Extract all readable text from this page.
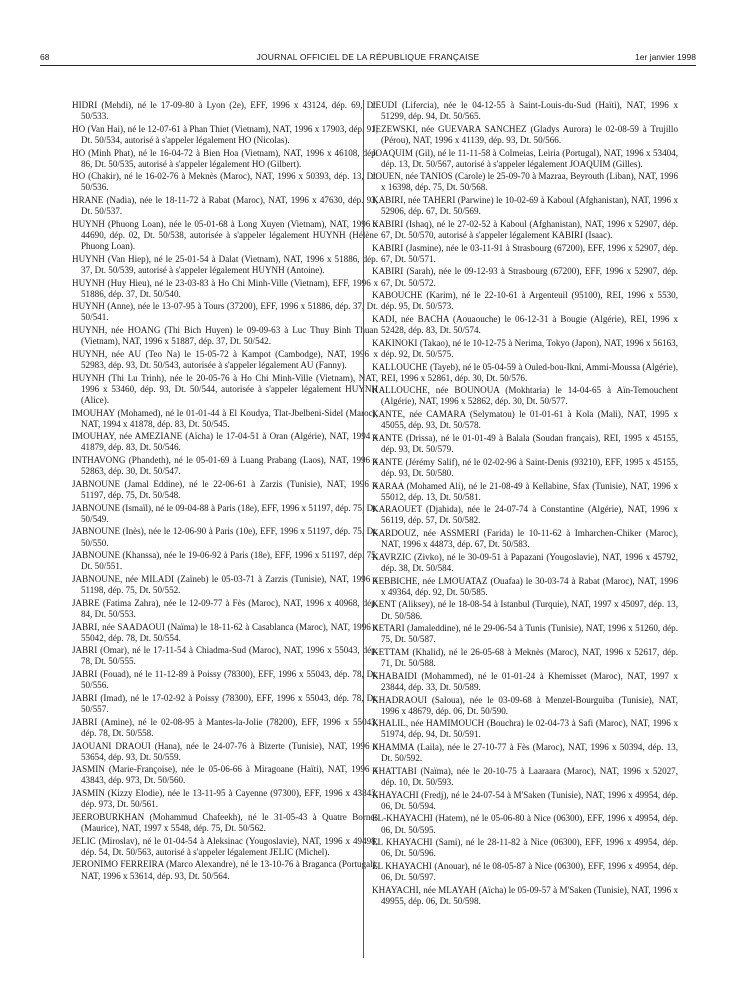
68	JOURNAL OFFICIEL DE LA RÉPUBLIQUE FRANÇAISE	1er janvier 1998

HIDRI (Mehdi), né le 17-09-80 à Lyon (2e), EFF, 1996 x 43124, dép. 69, Dt. 50/533.

HO (Van Hai), né le 12-07-61 à Phan Thiet (Vietnam), NAT, 1996 x 17903, dép. 91, Dt. 50/534, autorisé à s'appeler légalement HO (Nicolas).

HO (Minh Phat), né le 16-04-72 à Bien Hoa (Vietnam), NAT, 1996 x 46108, dép. 86, Dt. 50/535, autorisé à s'appeler légalement HO (Gilbert).

HO (Chakir), né le 16-02-76 à Meknès (Maroc), NAT, 1996 x 50393, dép. 13, Dt. 50/536.

HRANE (Nadia), née le 18-11-72 à Rabat (Maroc), NAT, 1996 x 47630, dép. 93, Dt. 50/537.

HUYNH (Phuong Loan), née le 05-01-68 à Long Xuyen (Vietnam), NAT, 1996 x 44690, dép. 02, Dt. 50/538, autorisée à s'appeler légalement HUYNH (Hélène Phuong Loan).

HUYNH (Van Hiep), né le 25-01-54 à Dalat (Vietnam), NAT, 1996 x 51886, dép. 37, Dt. 50/539, autorisé à s'appeler légalement HUYNH (Antoine).

HUYNH (Huy Hieu), né le 23-03-83 à Ho Chi Minh-Ville (Vietnam), EFF, 1996 x 51886, dép. 37, Dt. 50/540.

HUYNH (Anne), née le 13-07-95 à Tours (37200), EFF, 1996 x 51886, dép. 37, Dt. 50/541.

HUYNH, née HOANG (Thi Bich Huyen) le 09-09-63 à Luc Thuy Binh Thuan (Vietnam), NAT, 1996 x 51887, dép. 37, Dt. 50/542.

HUYNH, née AU (Teo Na) le 15-05-72 à Kampot (Cambodge), NAT, 1996 x 52983, dép. 93, Dt. 50/543, autorisée à s'appeler légalement AU (Fanny).

HUYNH (Thi Lu Trinh), née le 20-05-76 à Ho Chi Minh-Ville (Vietnam), NAT, 1996 x 53460, dép. 93, Dt. 50/544, autorisée à s'appeler légalement HUYNH (Alice).

IMOUHAY (Mohamed), né le 01-01-44 à El Koudya, Tlat-Jbelbeni-Sidel (Maroc), NAT, 1994 x 41878, dép. 83, Dt. 50/545.

IMOUHAY, née AMEZIANE (Aïcha) le 17-04-51 à Oran (Algérie), NAT, 1994 x 41879, dép. 83, Dt. 50/546.

INTHAVONG (Phandeth), né le 05-01-69 à Luang Prabang (Laos), NAT, 1996 x 52863, dép. 30, Dt. 50/547.

JABNOUNE (Jamal Eddine), né le 22-06-61 à Zarzis (Tunisie), NAT, 1996 x 51197, dép. 75, Dt. 50/548.

JABNOUNE (Ismaïl), né le 09-04-88 à Paris (18e), EFF, 1996 x 51197, dép. 75, Dt. 50/549.

JABNOUNE (Inès), née le 12-06-90 à Paris (10e), EFF, 1996 x 51197, dép. 75, Dt. 50/550.

JABNOUNE (Khanssa), née le 19-06-92 à Paris (18e), EFF, 1996 x 51197, dép. 75, Dt. 50/551.

JABNOUNE, née MILADI (Zaïneb) le 05-03-71 à Zarzis (Tunisie), NAT, 1996 x 51198, dép. 75, Dt. 50/552.

JABRE (Fatima Zahra), née le 12-09-77 à Fès (Maroc), NAT, 1996 x 40968, dép. 84, Dt. 50/553.

JABRI, née SAADAOUI (Naïma) le 18-11-62 à Casablanca (Maroc), NAT, 1996 x 55042, dép. 78, Dt. 50/554.

JABRI (Omar), né le 17-11-54 à Chiadma-Sud (Maroc), NAT, 1996 x 55043, dép. 78, Dt. 50/555.

JABRI (Fouad), né le 11-12-89 à Poissy (78300), EFF, 1996 x 55043, dép. 78, Dt. 50/556.

JABRI (Imad), né le 17-02-92 à Poissy (78300), EFF, 1996 x 55043, dép. 78, Dt. 50/557.

JABRI (Amine), né le 02-08-95 à Mantes-la-Jolie (78200), EFF, 1996 x 55043, dép. 78, Dt. 50/558.

JAOUANI DRAOUI (Hana), née le 24-07-76 à Bizerte (Tunisie), NAT, 1996 x 53654, dép. 93, Dt. 50/559.

JASMIN (Marie-Françoise), née le 05-06-66 à Miragoane (Haïti), NAT, 1996 x 43843, dép. 973, Dt. 50/560.

JASMIN (Kizzy Elodie), née le 13-11-95 à Cayenne (97300), EFF, 1996 x 43843, dép. 973, Dt. 50/561.

JEEROBURKHAN (Mohammud Chafeekh), né le 31-05-43 à Quatre Bornes (Maurice), NAT, 1997 x 5548, dép. 75, Dt. 50/562.

JELIC (Miroslav), né le 01-04-54 à Aleksinac (Yougoslavie), NAT, 1996 x 49498, dép. 54, Dt. 50/563, autorisé à s'appeler légalement JELIC (Michel).

JERONIMO FERREIRA (Marco Alexandre), né le 13-10-76 à Braganca (Portugal), NAT, 1996 x 53614, dép. 93, Dt. 50/564.

JEUDI (Lifercia), née le 04-12-55 à Saint-Louis-du-Sud (Haïti), NAT, 1996 x 51299, dép. 94, Dt. 50/565.

JEZEWSKI, née GUEVARA SANCHEZ (Gladys Aurora) le 02-08-59 à Trujillo (Pérou), NAT, 1996 x 41139, dép. 93, Dt. 50/566.

JOAQUIM (Gil), né le 11-11-58 à Colmeias, Leiria (Portugal), NAT, 1996 x 53404, dép. 13, Dt. 50/567, autorisé à s'appeler légalement JOAQUIM (Gilles).

JOUEN, née TANIOS (Carole) le 25-09-70 à Mazraa, Beyrouth (Liban), NAT, 1996 x 16398, dép. 75, Dt. 50/568.

KABIRI, née TAHERI (Parwine) le 10-02-69 à Kaboul (Afghanistan), NAT, 1996 x 52906, dép. 67, Dt. 50/569.

KABIRI (Ishaq), né le 27-02-52 à Kaboul (Afghanistan), NAT, 1996 x 52907, dép. 67, Dt. 50/570, autorisé à s'appeler légalement KABIRI (Isaac).

KABIRI (Jasmine), née le 03-11-91 à Strasbourg (67200), EFF, 1996 x 52907, dép. 67, Dt. 50/571.

KABIRI (Sarah), née le 09-12-93 à Strasbourg (67200), EFF, 1996 x 52907, dép. 67, Dt. 50/572.

KABOUCHE (Karim), né le 22-10-61 à Argenteuil (95100), REI, 1996 x 5530, dép. 95, Dt. 50/573.

KADI, née BACHA (Aouaouche) le 06-12-31 à Bougie (Algérie), REI, 1996 x 52428, dép. 83, Dt. 50/574.

KAKINOKI (Takao), né le 10-12-75 à Nerima, Tokyo (Japon), NAT, 1996 x 56163, dép. 92, Dt. 50/575.

KALLOUCHE (Tayeb), né le 05-04-59 à Ouled-bou-Ikni, Ammi-Moussa (Algérie), REI, 1996 x 52861, dép. 30, Dt. 50/576.

KALLOUCHE, née BOUNOUA (Mokhtaria) le 14-04-65 à Aïn-Temouchent (Algérie), NAT, 1996 x 52862, dép. 30, Dt. 50/577.

KANTE, née CAMARA (Selymatou) le 01-01-61 à Kola (Mali), NAT, 1995 x 45055, dép. 93, Dt. 50/578.

KANTE (Drissa), né le 01-01-49 à Balala (Soudan français), REI, 1995 x 45155, dép. 93, Dt. 50/579.

KANTE (Jérémy Salif), né le 02-02-96 à Saint-Denis (93210), EFF, 1995 x 45155, dép. 93, Dt. 50/580.

KARAA (Mohamed Ali), né le 21-08-49 à Kellabine, Sfax (Tunisie), NAT, 1996 x 55012, dép. 13, Dt. 50/581.

KARAOUET (Djahida), née le 24-07-74 à Constantine (Algérie), NAT, 1996 x 56119, dép. 57, Dt. 50/582.

KARDOUZ, née ASSMERI (Farida) le 10-11-62 à Imharchen-Chiker (Maroc), NAT, 1996 x 44873, dép. 67, Dt. 50/583.

KAVRZIC (Zivko), né le 30-09-51 à Papazani (Yougoslavie), NAT, 1996 x 45792, dép. 38, Dt. 50/584.

KEBBICHE, née LMOUATAZ (Ouafaa) le 30-03-74 à Rabat (Maroc), NAT, 1996 x 49364, dép. 92, Dt. 50/585.

KENT (Aliksey), né le 18-08-54 à Istanbul (Turquie), NAT, 1997 x 45097, dép. 13, Dt. 50/586.

KETARI (Jamaleddine), né le 29-06-54 à Tunis (Tunisie), NAT, 1996 x 51260, dép. 75, Dt. 50/587.

KETTAM (Khalid), né le 26-05-68 à Meknès (Maroc), NAT, 1996 x 52617, dép. 71, Dt. 50/588.

KHABAIDI (Mohammed), né le 01-01-24 à Khemisset (Maroc), NAT, 1997 x 23844, dép. 33, Dt. 50/589.

KHADRAOUI (Saloua), née le 03-09-68 à Menzel-Bourguiba (Tunisie), NAT, 1996 x 48679, dép. 06, Dt. 50/590.

KHALIL, née HAMIMOUCH (Bouchra) le 02-04-73 à Safi (Maroc), NAT, 1996 x 51974, dép. 94, Dt. 50/591.

KHAMMA (Laila), née le 27-10-77 à Fès (Maroc), NAT, 1996 x 50394, dép. 13, Dt. 50/592.

KHATTABI (Naïma), née le 20-10-75 à Laaraara (Maroc), NAT, 1996 x 52027, dép. 10, Dt. 50/593.

KHAYACHI (Fredj), né le 24-07-54 à M'Saken (Tunisie), NAT, 1996 x 49954, dép. 06, Dt. 50/594.

EL-KHAYACHI (Hatem), né le 05-06-80 à Nice (06300), EFF, 1996 x 49954, dép. 06, Dt. 50/595.

EL KHAYACHI (Sami), né le 28-11-82 à Nice (06300), EFF, 1996 x 49954, dép. 06, Dt. 50/596.

EL KHAYACHI (Anouar), né le 08-05-87 à Nice (06300), EFF, 1996 x 49954, dép. 06, Dt. 50/597.

KHAYACHI, née MLAYAH (Aïcha) le 05-09-57 à M'Saken (Tunisie), NAT, 1996 x 49955, dép. 06, Dt. 50/598.
